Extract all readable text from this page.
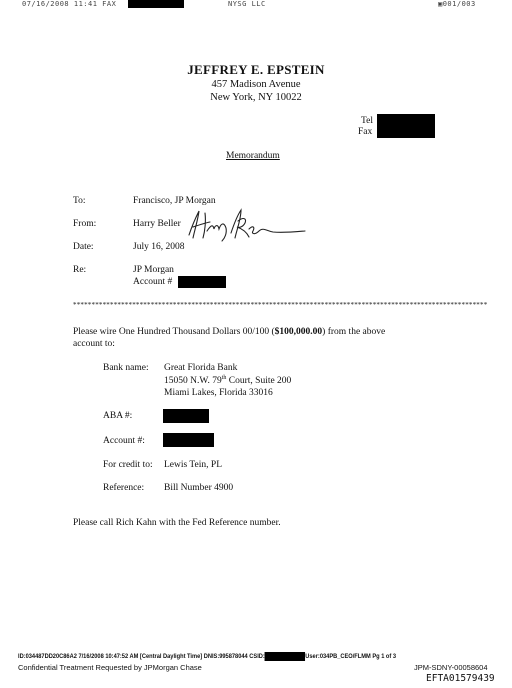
07/16/2008 11:41 FAX	NYSG LLC	▣001/003
JEFFREY E. EPSTEIN
457 Madison Avenue
New York, NY 10022
Tel
Fax
Memorandum
To:	Francisco, JP Morgan
From:	Harry Beller
Date:	July 16, 2008
Re:	JP Morgan
Account #
****************************************************************************************************************
Please wire One Hundred Thousand Dollars 00/100 ($100,000.00) from the above
account to:
Bank name: Great Florida Bank
15050 N.W. 79th Court, Suite 200
Miami Lakes, Florida 33016
ABA #:
Account #:
For credit to: Lewis Tein, PL
Reference: Bill Number 4900
Please call Rich Kahn with the Fed Reference number.
ID:034487DD20C86A2 7/16/2008 10:47:52 AM [Central Daylight Time] DNIS:995878044 CSID:	User:034PB_CEO/FLMM Pg 1 of 3
Confidential Treatment Requested by JPMorgan Chase	JPM-SDNY-00058604
EFTA01579439
